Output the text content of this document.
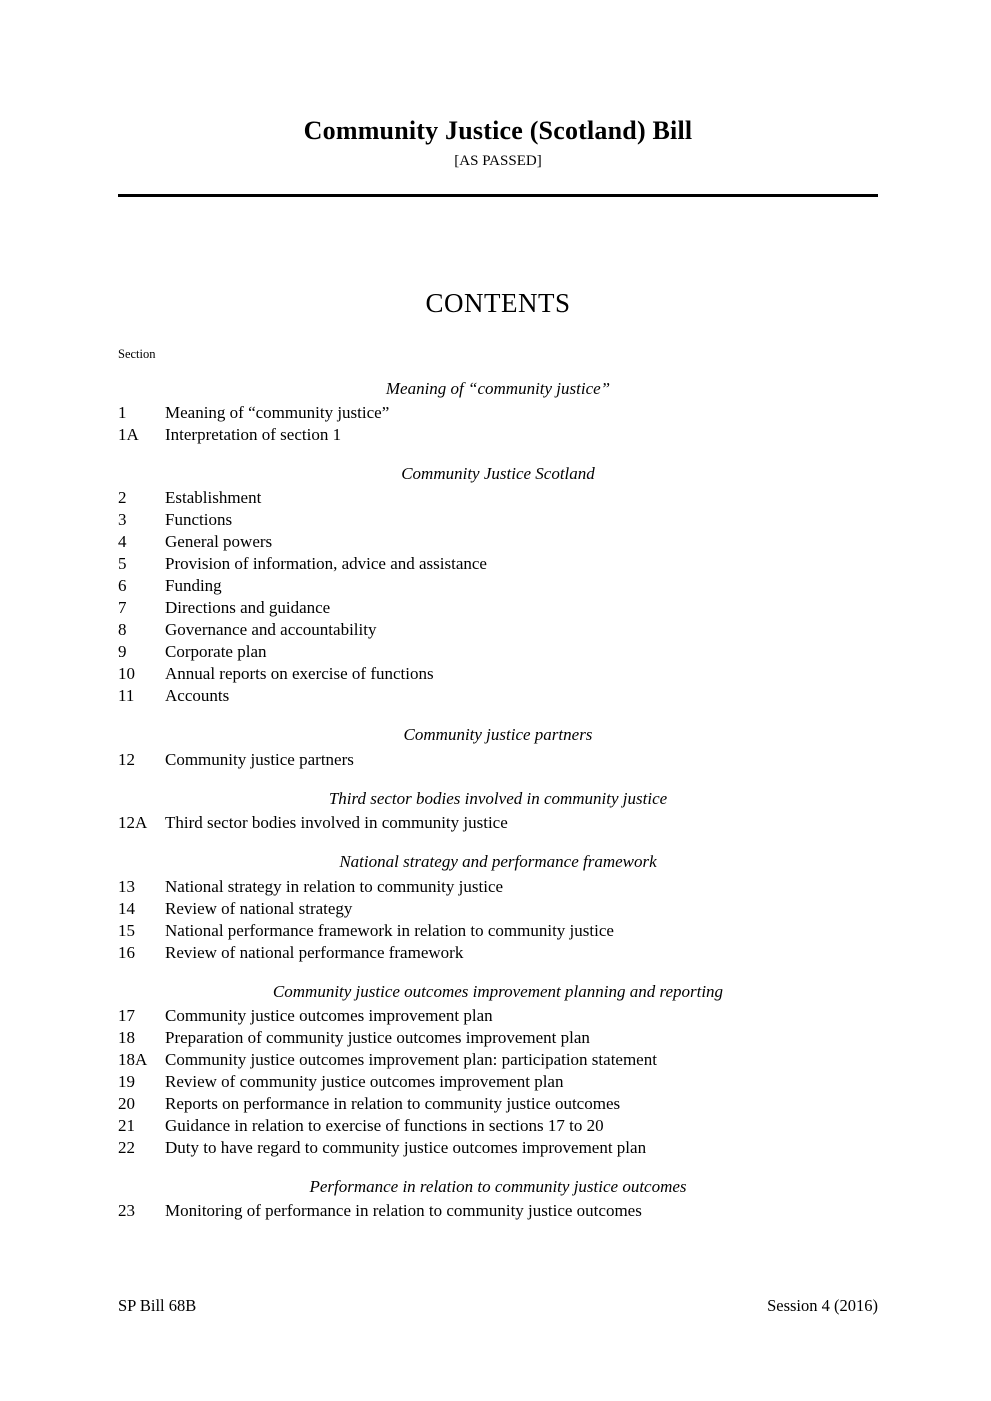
Community Justice (Scotland) Bill

[AS PASSED]

CONTENTS

Section

Meaning of “community justice”
1	Meaning of “community justice”
1A	Interpretation of section 1
Community Justice Scotland
2	Establishment
3	Functions
4	General powers
5	Provision of information, advice and assistance
6	Funding
7	Directions and guidance
8	Governance and accountability
9	Corporate plan
10	Annual reports on exercise of functions
11	Accounts
Community justice partners
12	Community justice partners
Third sector bodies involved in community justice
12A	Third sector bodies involved in community justice
National strategy and performance framework
13	National strategy in relation to community justice
14	Review of national strategy
15	National performance framework in relation to community justice
16	Review of national performance framework
Community justice outcomes improvement planning and reporting
17	Community justice outcomes improvement plan
18	Preparation of community justice outcomes improvement plan
18A	Community justice outcomes improvement plan: participation statement
19	Review of community justice outcomes improvement plan
20	Reports on performance in relation to community justice outcomes
21	Guidance in relation to exercise of functions in sections 17 to 20
22	Duty to have regard to community justice outcomes improvement plan
Performance in relation to community justice outcomes
23	Monitoring of performance in relation to community justice outcomes
SP Bill 68B	Session 4 (2016)
